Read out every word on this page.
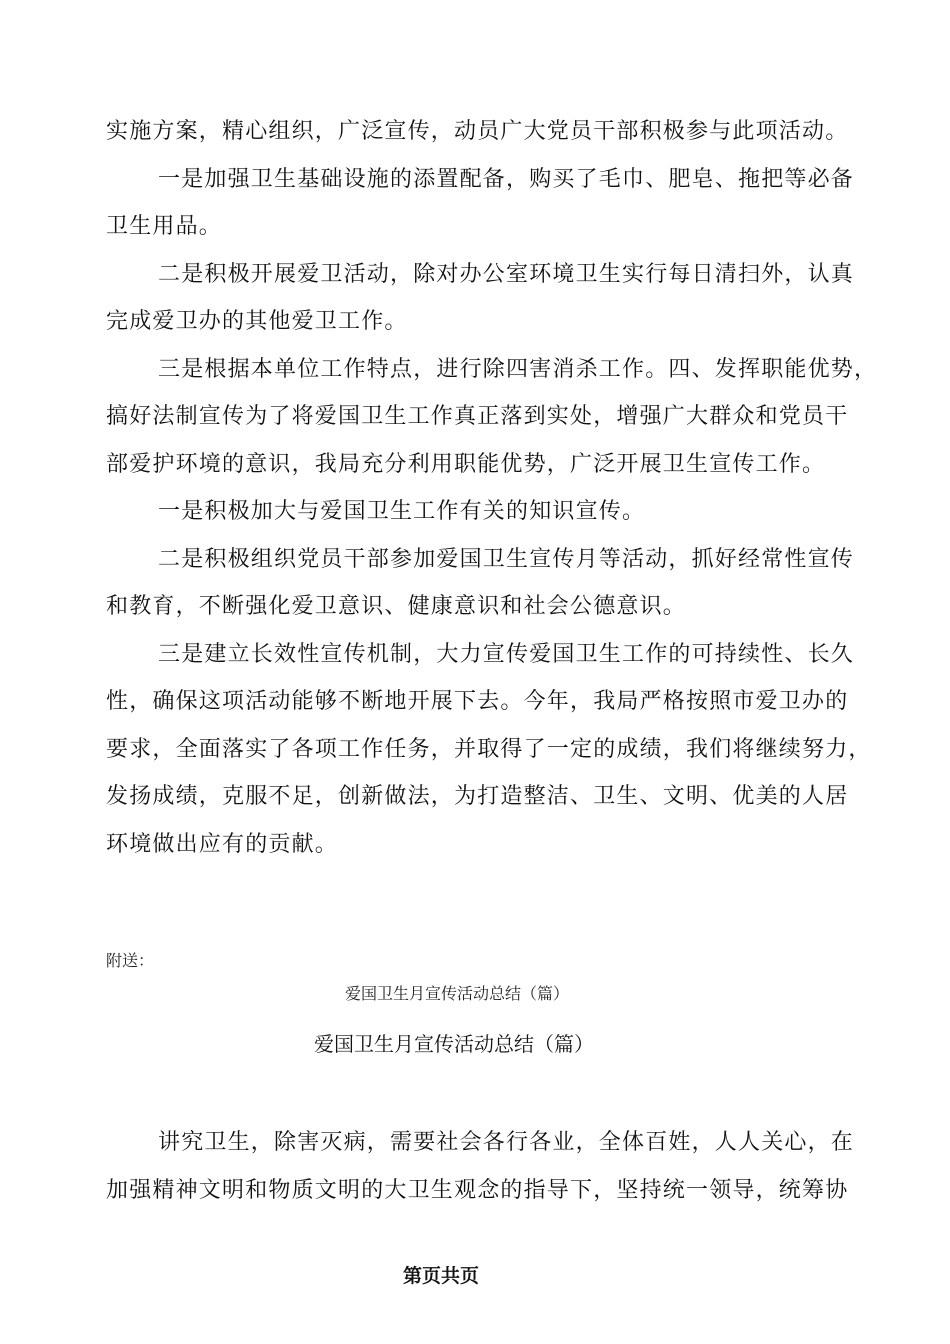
实施方案，精心组织，广泛宣传，动员广大党员干部积极参与此项活动。
一是加强卫生基础设施的添置配备，购买了毛巾、肥皂、拖把等必备
卫生用品。
二是积极开展爱卫活动，除对办公室环境卫生实行每日清扫外，认真
完成爱卫办的其他爱卫工作。
三是根据本单位工作特点，进行除四害消杀工作。四、发挥职能优势，
搞好法制宣传为了将爱国卫生工作真正落到实处，增强广大群众和党员干
部爱护环境的意识，我局充分利用职能优势，广泛开展卫生宣传工作。
一是积极加大与爱国卫生工作有关的知识宣传。
二是积极组织党员干部参加爱国卫生宣传月等活动，抓好经常性宣传
和教育，不断强化爱卫意识、健康意识和社会公德意识。
三是建立长效性宣传机制，大力宣传爱国卫生工作的可持续性、长久
性，确保这项活动能够不断地开展下去。今年，我局严格按照市爱卫办的
要求，全面落实了各项工作任务，并取得了一定的成绩，我们将继续努力，
发扬成绩，克服不足，创新做法，为打造整洁、卫生、文明、优美的人居
环境做出应有的贡献。
附送：
爱国卫生月宣传活动总结（篇）
爱国卫生月宣传活动总结（篇）
讲究卫生，除害灭病，需要社会各行各业，全体百姓，人人关心，在
加强精神文明和物质文明的大卫生观念的指导下，坚持统一领导，统筹协
第页共页
